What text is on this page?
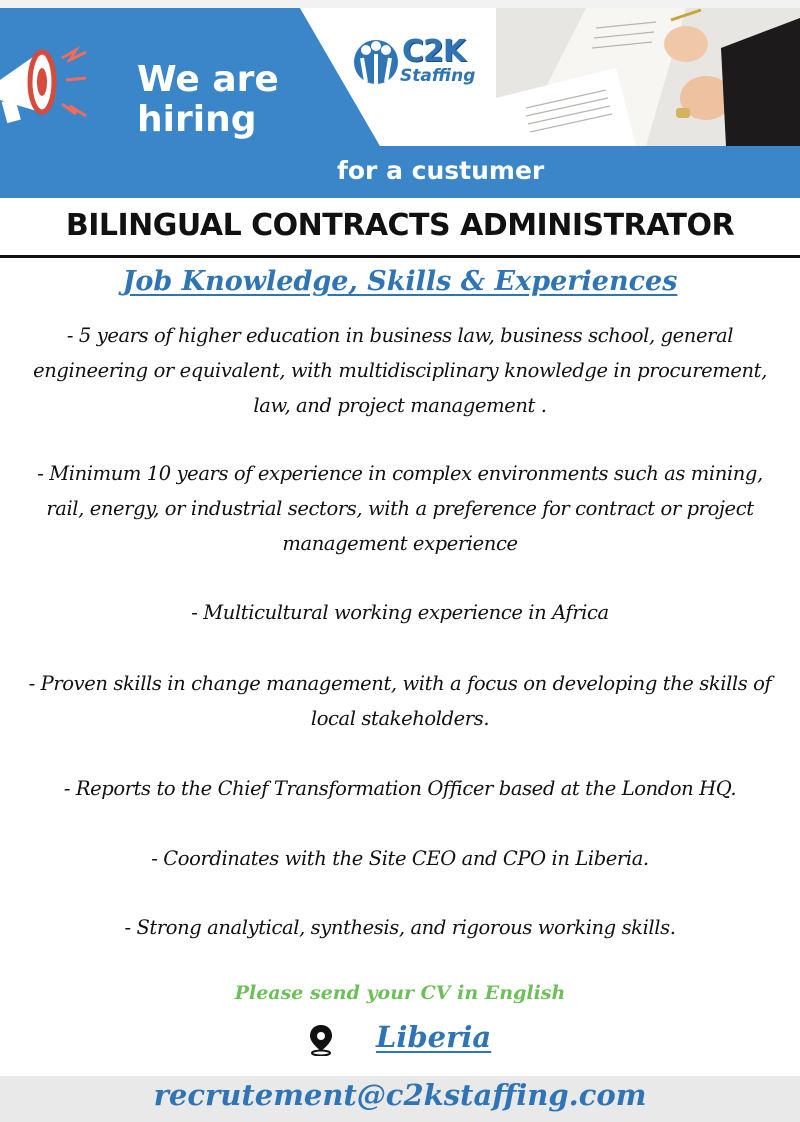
We are
hiring
C2K
Staffing
for a custumer
BILINGUAL CONTRACTS ADMINISTRATOR
Job Knowledge, Skills & Experiences
- 5 years of higher education in business law, business school, general engineering or equivalent, with multidisciplinary knowledge in procurement, law, and project management .
- Minimum 10 years of experience in complex environments such as mining, rail, energy, or industrial sectors, with a preference for contract or project management experience
- Multicultural working experience in Africa
- Proven skills in change management, with a focus on developing the skills of local stakeholders.
- Reports to the Chief Transformation Officer based at the London HQ.
- Coordinates with the Site CEO and CPO in Liberia.
- Strong analytical, synthesis, and rigorous working skills.
Please send your CV in English
Liberia
recrutement@c2kstaffing.com
